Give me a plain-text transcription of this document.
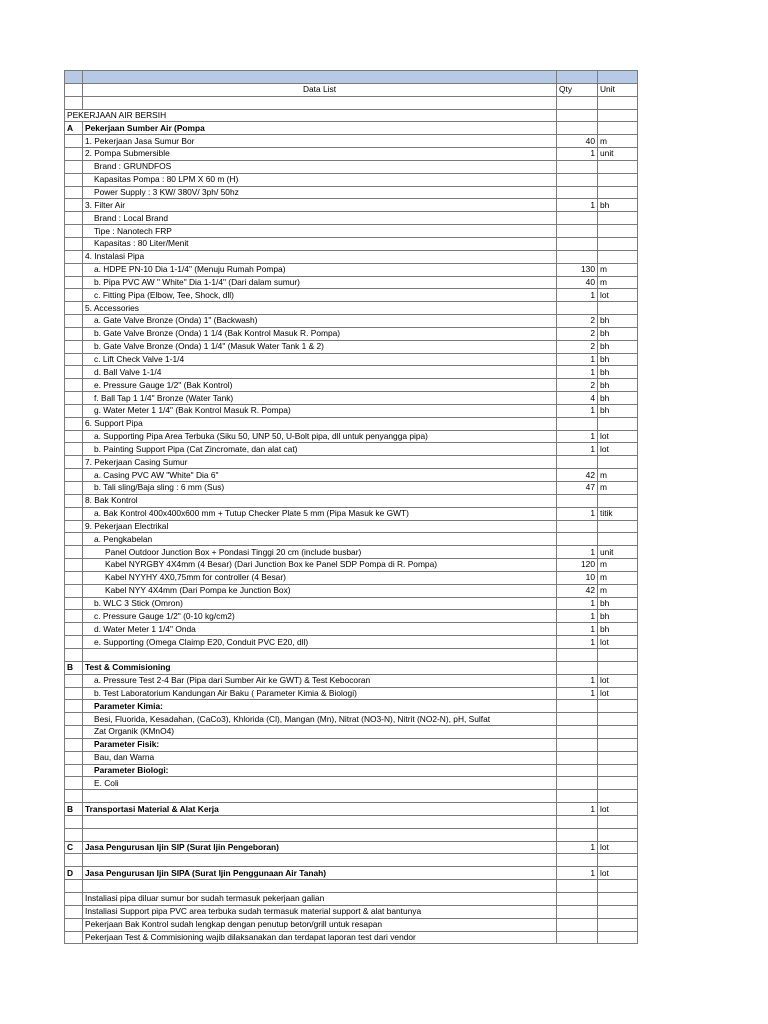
	Data List	Qty	Unit

PEKERJAAN AIR BERSIH			
A	Pekerjaan Sumber Air (Pompa		
	1. Pekerjaan Jasa Sumur Bor	40	m
	2. Pompa Submersible	1	unit
	Brand : GRUNDFOS		
	Kapasitas Pompa : 80 LPM X 60 m (H)		
	Power Supply : 3 KW/ 380V/ 3ph/ 50hz		
	3. Filter Air	1	bh
	Brand : Local Brand		
	Tipe : Nanotech FRP		
	Kapasitas : 80 Liter/Menit		
	4. Instalasi Pipa		
	a. HDPE PN-10 Dia 1-1/4" (Menuju Rumah Pompa)	130	m
	b. Pipa PVC AW " White" Dia 1-1/4" (Dari dalam sumur)	40	m
	c. Fitting Pipa (Elbow, Tee, Shock, dll)	1	lot
	5. Accessories		
	a. Gate Valve Bronze (Onda) 1" (Backwash)	2	bh
	b. Gate Valve Bronze (Onda) 1 1/4 (Bak Kontrol Masuk R. Pompa)	2	bh
	b. Gate Valve Bronze (Onda) 1 1/4" (Masuk Water Tank 1 & 2)	2	bh
	c. Lift Check Valve 1-1/4	1	bh
	d. Ball Valve 1-1/4	1	bh
	e. Pressure Gauge 1/2" (Bak Kontrol)	2	bh
	f. Ball Tap 1 1/4" Bronze (Water Tank)	4	bh
	g. Water Meter 1 1/4" (Bak Kontrol Masuk R. Pompa)	1	bh
	6. Support Pipa		
	a. Supporting Pipa Area Terbuka (Siku 50, UNP 50, U-Bolt pipa, dll untuk penyangga pipa)	1	lot
	b. Painting Support Pipa (Cat Zincromate, dan alat cat)	1	lot
	7. Pekerjaan Casing Sumur		
	a. Casing PVC AW "White" Dia 6"	42	m
	b. Tali sling/Baja sling : 6 mm (Sus)	47	m
	8. Bak Kontrol		
	a. Bak Kontrol 400x400x600 mm + Tutup Checker Plate 5 mm (Pipa Masuk ke GWT)	1	titik
	9. Pekerjaan Electrikal		
	a. Pengkabelan		
	Panel Outdoor Junction Box + Pondasi Tinggi 20 cm (include busbar)	1	unit
	Kabel NYRGBY 4X4mm (4 Besar) (Dari Junction Box ke Panel SDP Pompa di R. Pompa)	120	m
	Kabel NYYHY 4X0,75mm for controller (4 Besar)	10	m
	Kabel NYY 4X4mm (Dari Pompa ke Junction Box)	42	m
	b. WLC 3 Stick (Omron)	1	bh
	c. Pressure Gauge 1/2" (0-10 kg/cm2)	1	bh
	d. Water Meter 1 1/4" Onda	1	bh
	e. Supporting (Omega Claimp E20, Conduit PVC E20, dll)	1	lot

B	Test & Commisioning		
	a. Pressure Test 2-4 Bar (Pipa dari Sumber Air ke GWT) & Test Kebocoran	1	lot
	b. Test Laboratorium Kandungan Air Baku ( Parameter Kimia & Biologi)	1	lot
	Parameter Kimia:		
	Besi, Fluorida, Kesadahan, (CaCo3), Khlorida (Cl), Mangan (Mn), Nitrat (NO3-N), Nitrit (NO2-N), pH, Sulfat		
	Zat Organik (KMnO4)		
	Parameter Fisik:		
	Bau, dan Warna		
	Parameter Biologi:		
	E. Coli		

B	Transportasi Material & Alat Kerja	1	lot

C	Jasa Pengurusan Ijin SIP (Surat Ijin Pengeboran)	1	lot

D	Jasa Pengurusan Ijin SIPA (Surat Ijin Penggunaan Air Tanah)	1	lot

	Instaliasi pipa diluar sumur bor sudah termasuk pekerjaan galian		
	Instaliasi Support pipa PVC area terbuka sudah termasuk material support & alat bantunya		
	Pekerjaan Bak Kontrol sudah lengkap dengan penutup beton/grill untuk resapan		
	Pekerjaan Test & Commisioning wajib dilaksanakan dan terdapat laporan test dari vendor		
